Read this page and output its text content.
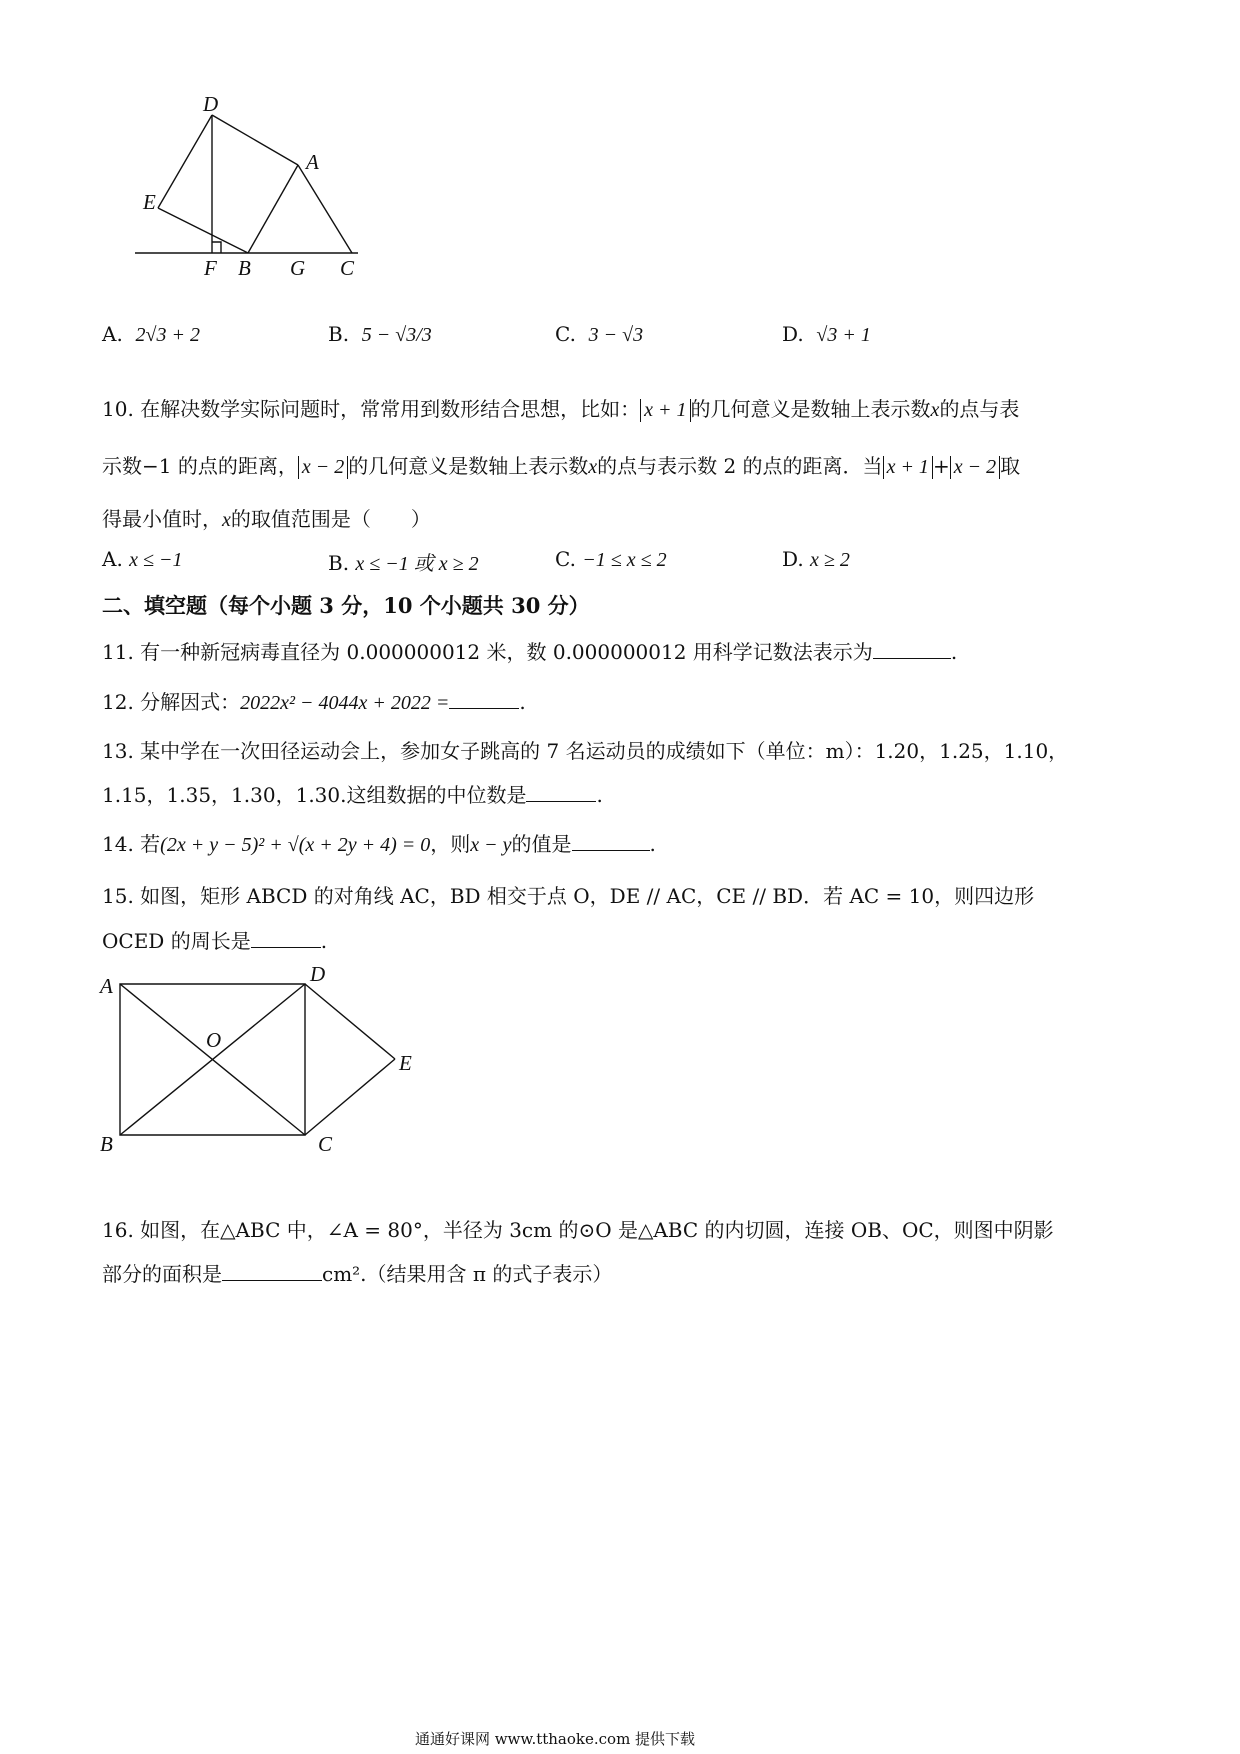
D
A
E
F B G C
A. 2√3 + 2	B. 5 − √3/3	C. 3 − √3	D. √3 + 1
10. 在解决数学实际问题时，常常用到数形结合思想，比如： x + 1 的几何意义是数轴上表示数x的点与表
示数−1 的点的距离， x − 2 的几何意义是数轴上表示数x的点与表示数 2 的点的距离．当 x + 1 + x − 2 取
得最小值时，x的取值范围是（　　）
A. x ≤ −1	B. x ≤ −1 或 x ≥ 2	C. −1 ≤ x ≤ 2	D. x ≥ 2
二、填空题（每个小题 3 分，10 个小题共 30 分）
11. 有一种新冠病毒直径为 0.000000012 米，数 0.000000012 用科学记数法表示为	.
12. 分解因式：2022x² − 4044x + 2022 =	.
13. 某中学在一次田径运动会上，参加女子跳高的 7 名运动员的成绩如下（单位：m）：1.20，1.25，1.10，
1.15，1.35，1.30，1.30.这组数据的中位数是	.
14. 若(2x + y − 5)² + √(x + 2y + 4) = 0，则x − y的值是	.
15. 如图，矩形 ABCD 的对角线 AC，BD 相交于点 O，DE // AC，CE // BD．若 AC = 10，则四边形
OCED 的周长是	.
A	D
O
E
B	C
16. 如图，在△ABC 中，∠A = 80°，半径为 3cm 的⊙O 是△ABC 的内切圆，连接 OB、OC，则图中阴影
部分的面积是	cm².（结果用含 π 的式子表示）
通通好课网 www.tthaoke.com 提供下载
